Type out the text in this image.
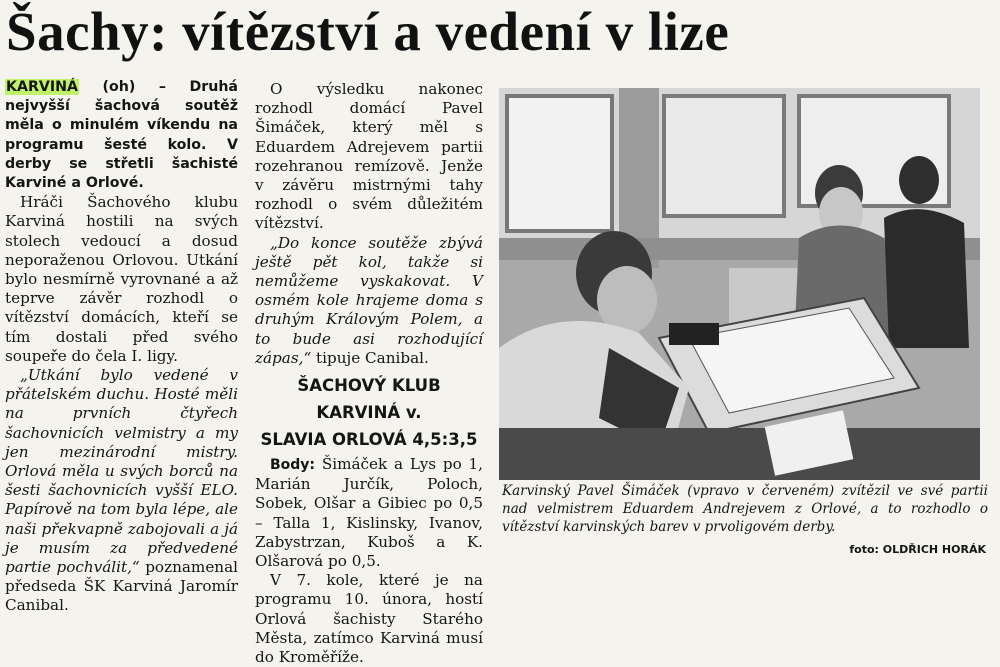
Šachy: vítězství a vedení v lize

KARVINÁ (oh) – Druhá nejvyšší šachová soutěž měla o minulém víkendu na programu šesté kolo. V derby se střetli šachisté Karviné a Orlové.

Hráči Šachového klubu Karviná hostili na svých stolech vedoucí a dosud neporaženou Orlovou. Utkání bylo nesmírně vyrovnané a až teprve závěr rozhodl o vítězství domácích, kteří se tím dostali před svého soupeře do čela I. ligy.

„Utkání bylo vedené v přátelském duchu. Hosté měli na prvních čtyřech šachovnicích velmistry a my jen mezinárodní mistry. Orlová měla u svých borců na šesti šachovnicích vyšší ELO. Papírově na tom byla lépe, ale naši překvapně zabojovali a já je musím za předvedené partie pochválit,“ poznamenal předseda ŠK Karviná Jaromír Canibal.

O výsledku nakonec rozhodl domácí Pavel Šimáček, který měl s Eduardem Adrejevem partii rozehranou remízově. Jenže v závěru mistrnými tahy rozhodl o svém důležitém vítězství.

„Do konce soutěže zbývá ještě pět kol, takže si nemůžeme vyskakovat. V osmém kole hrajeme doma s druhým Královým Polem, a to bude asi rozhodující zápas,“ tipuje Canibal.

ŠACHOVÝ KLUB
KARVINÁ v.
SLAVIA ORLOVÁ 4,5:3,5

Body: Šimáček a Lys po 1, Marián Jurčík, Poloch, Sobek, Olšar a Gibiec po 0,5 – Talla 1, Kislinsky, Ivanov, Zabystrzan, Kuboš a K. Olšarová po 0,5.

V 7. kole, které je na programu 10. února, hostí Orlová šachisty Starého Města, zatímco Karviná musí do Kroměříže.

Karvinský Pavel Šimáček (vpravo v červeném) zvítězil ve své partii nad velmistrem Eduardem Andrejevem z Orlové, a to rozhodlo o vítězství karvinských barev v prvoligovém derby.
foto: OLDŘICH HORÁK
